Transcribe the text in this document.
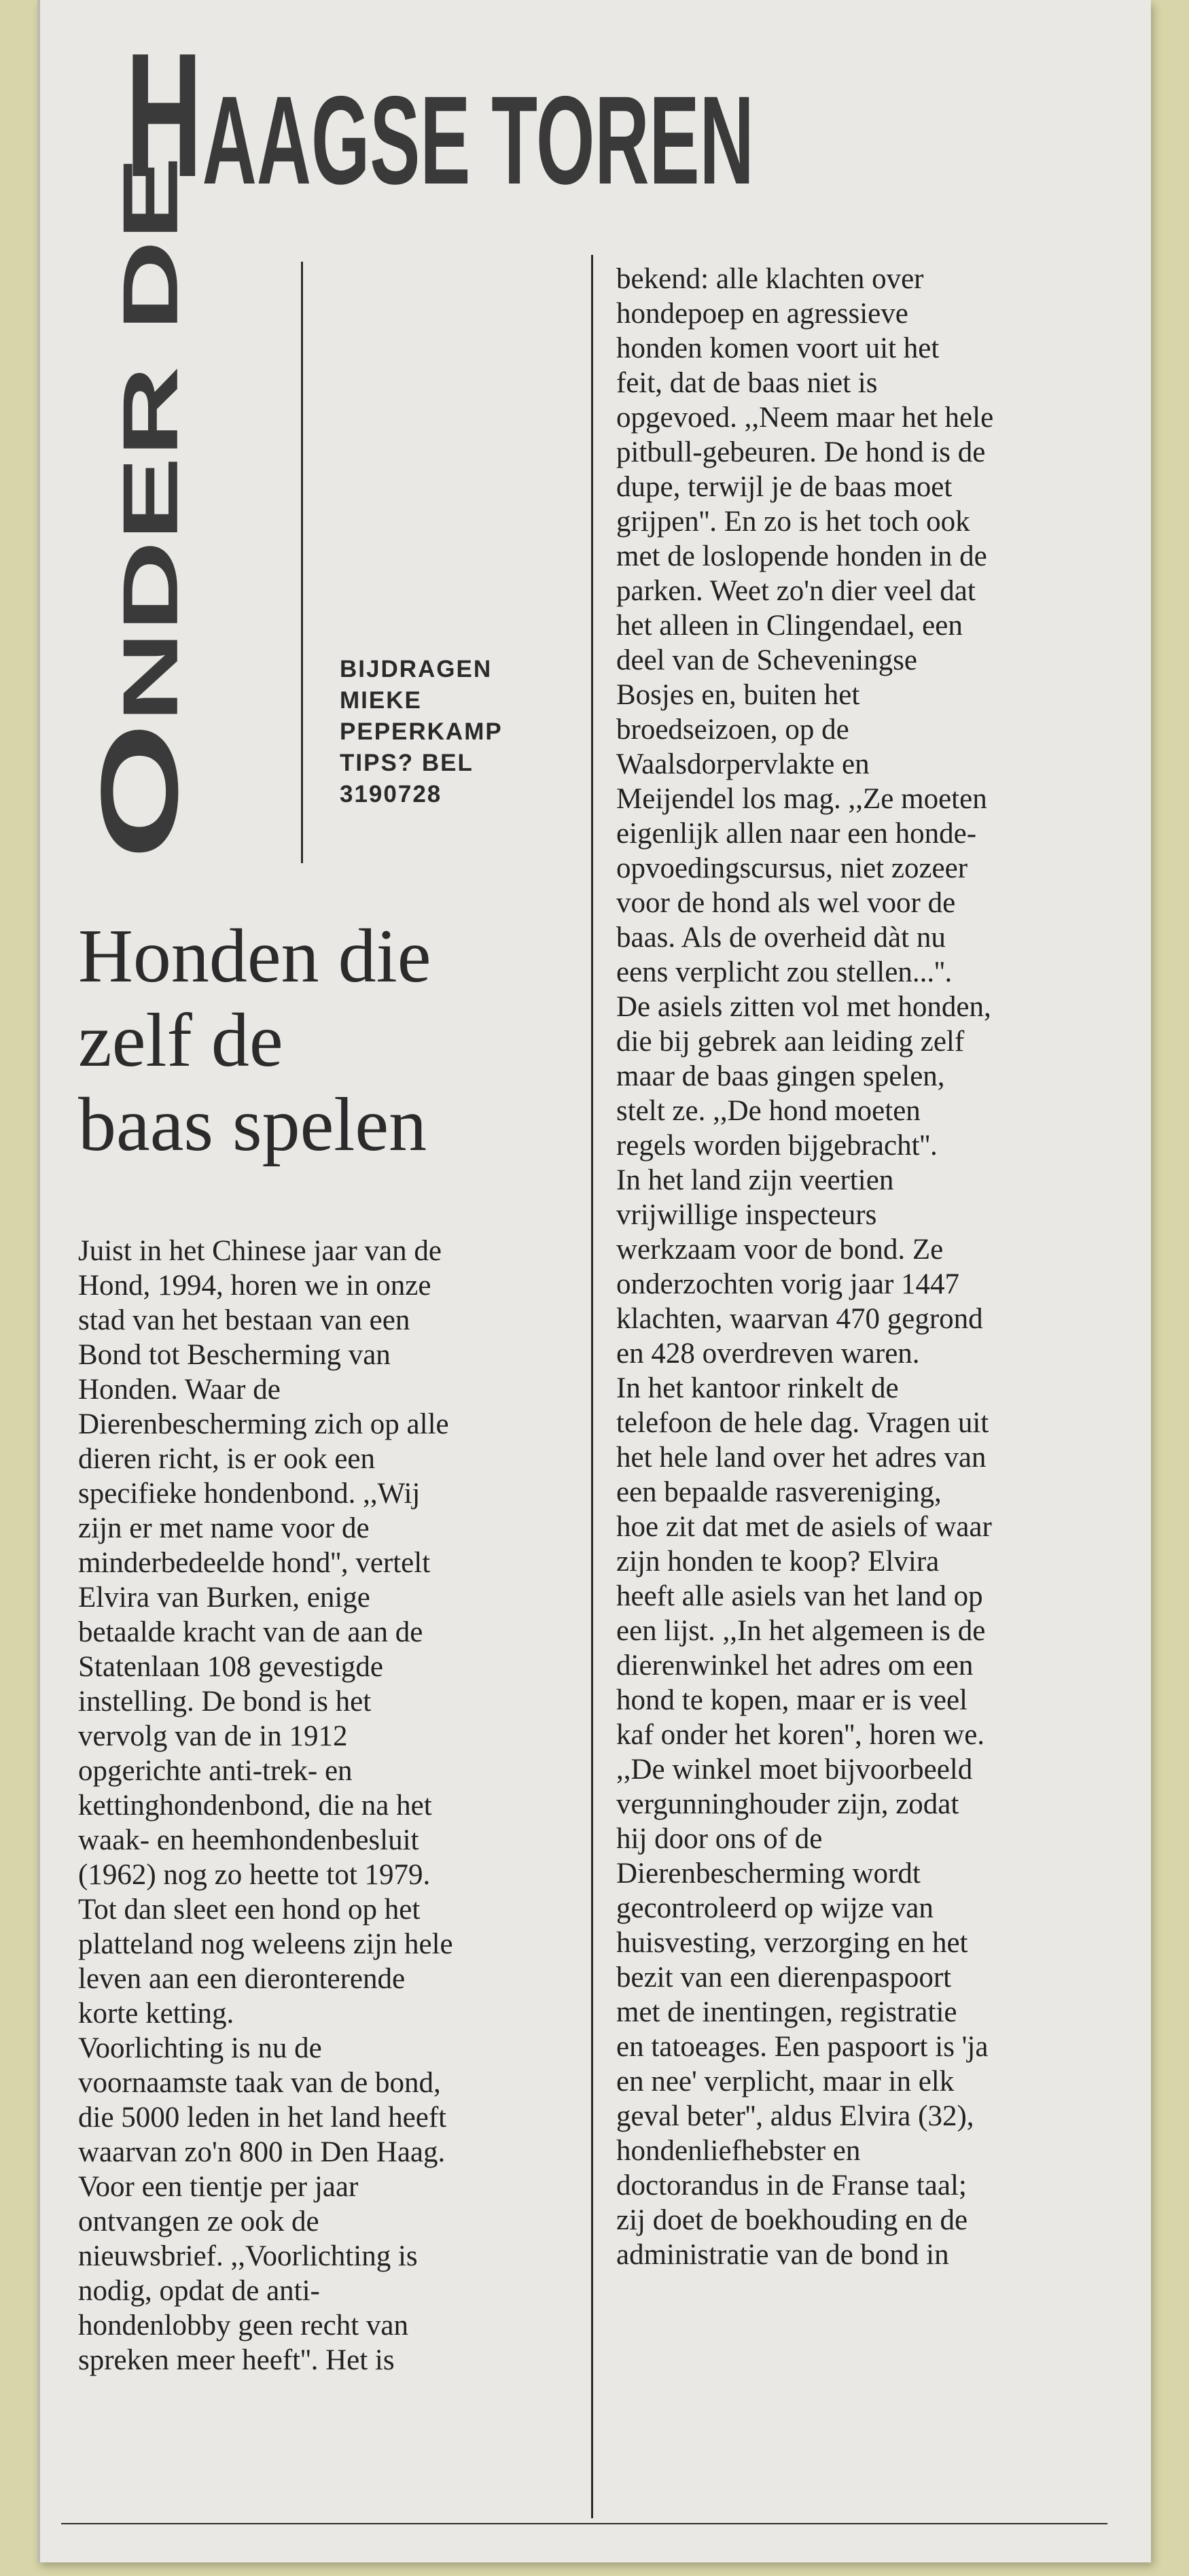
H AAGSE TOREN
ONDER DE	BIJDRAGEN
MIEKE
PEPERKAMP
TIPS? BEL
3190728
Honden die
zelf de
baas spelen
Juist in het Chinese jaar van de
Hond, 1994, horen we in onze
stad van het bestaan van een
Bond tot Bescherming van
Honden. Waar de
Dierenbescherming zich op alle
dieren richt, is er ook een
specifieke hondenbond. ,,Wij
zijn er met name voor de
minderbedeelde hond'', vertelt
Elvira van Burken, enige
betaalde kracht van de aan de
Statenlaan 108 gevestigde
instelling. De bond is het
vervolg van de in 1912
opgerichte anti-trek- en
kettinghondenbond, die na het
waak- en heemhondenbesluit
(1962) nog zo heette tot 1979.
Tot dan sleet een hond op het
platteland nog weleens zijn hele
leven aan een dieronterende
korte ketting.
Voorlichting is nu de
voornaamste taak van de bond,
die 5000 leden in het land heeft
waarvan zo'n 800 in Den Haag.
Voor een tientje per jaar
ontvangen ze ook de
nieuwsbrief. ,,Voorlichting is
nodig, opdat de anti-
hondenlobby geen recht van
spreken meer heeft''. Het is
bekend: alle klachten over
hondepoep en agressieve
honden komen voort uit het
feit, dat de baas niet is
opgevoed. ,,Neem maar het hele
pitbull-gebeuren. De hond is de
dupe, terwijl je de baas moet
grijpen''. En zo is het toch ook
met de loslopende honden in de
parken. Weet zo'n dier veel dat
het alleen in Clingendael, een
deel van de Scheveningse
Bosjes en, buiten het
broedseizoen, op de
Waalsdorpervlakte en
Meijendel los mag. ,,Ze moeten
eigenlijk allen naar een honde-
opvoedingscursus, niet zozeer
voor de hond als wel voor de
baas. Als de overheid dàt nu
eens verplicht zou stellen...''.
De asiels zitten vol met honden,
die bij gebrek aan leiding zelf
maar de baas gingen spelen,
stelt ze. ,,De hond moeten
regels worden bijgebracht''.
In het land zijn veertien
vrijwillige inspecteurs
werkzaam voor de bond. Ze
onderzochten vorig jaar 1447
klachten, waarvan 470 gegrond
en 428 overdreven waren.
In het kantoor rinkelt de
telefoon de hele dag. Vragen uit
het hele land over het adres van
een bepaalde rasvereniging,
hoe zit dat met de asiels of waar
zijn honden te koop? Elvira
heeft alle asiels van het land op
een lijst. ,,In het algemeen is de
dierenwinkel het adres om een
hond te kopen, maar er is veel
kaf onder het koren'', horen we.
,,De winkel moet bijvoorbeeld
vergunninghouder zijn, zodat
hij door ons of de
Dierenbescherming wordt
gecontroleerd op wijze van
huisvesting, verzorging en het
bezit van een dierenpaspoort
met de inentingen, registratie
en tatoeages. Een paspoort is 'ja
en nee' verplicht, maar in elk
geval beter'', aldus Elvira (32),
hondenliefhebster en
doctorandus in de Franse taal;
zij doet de boekhouding en de
administratie van de bond in
